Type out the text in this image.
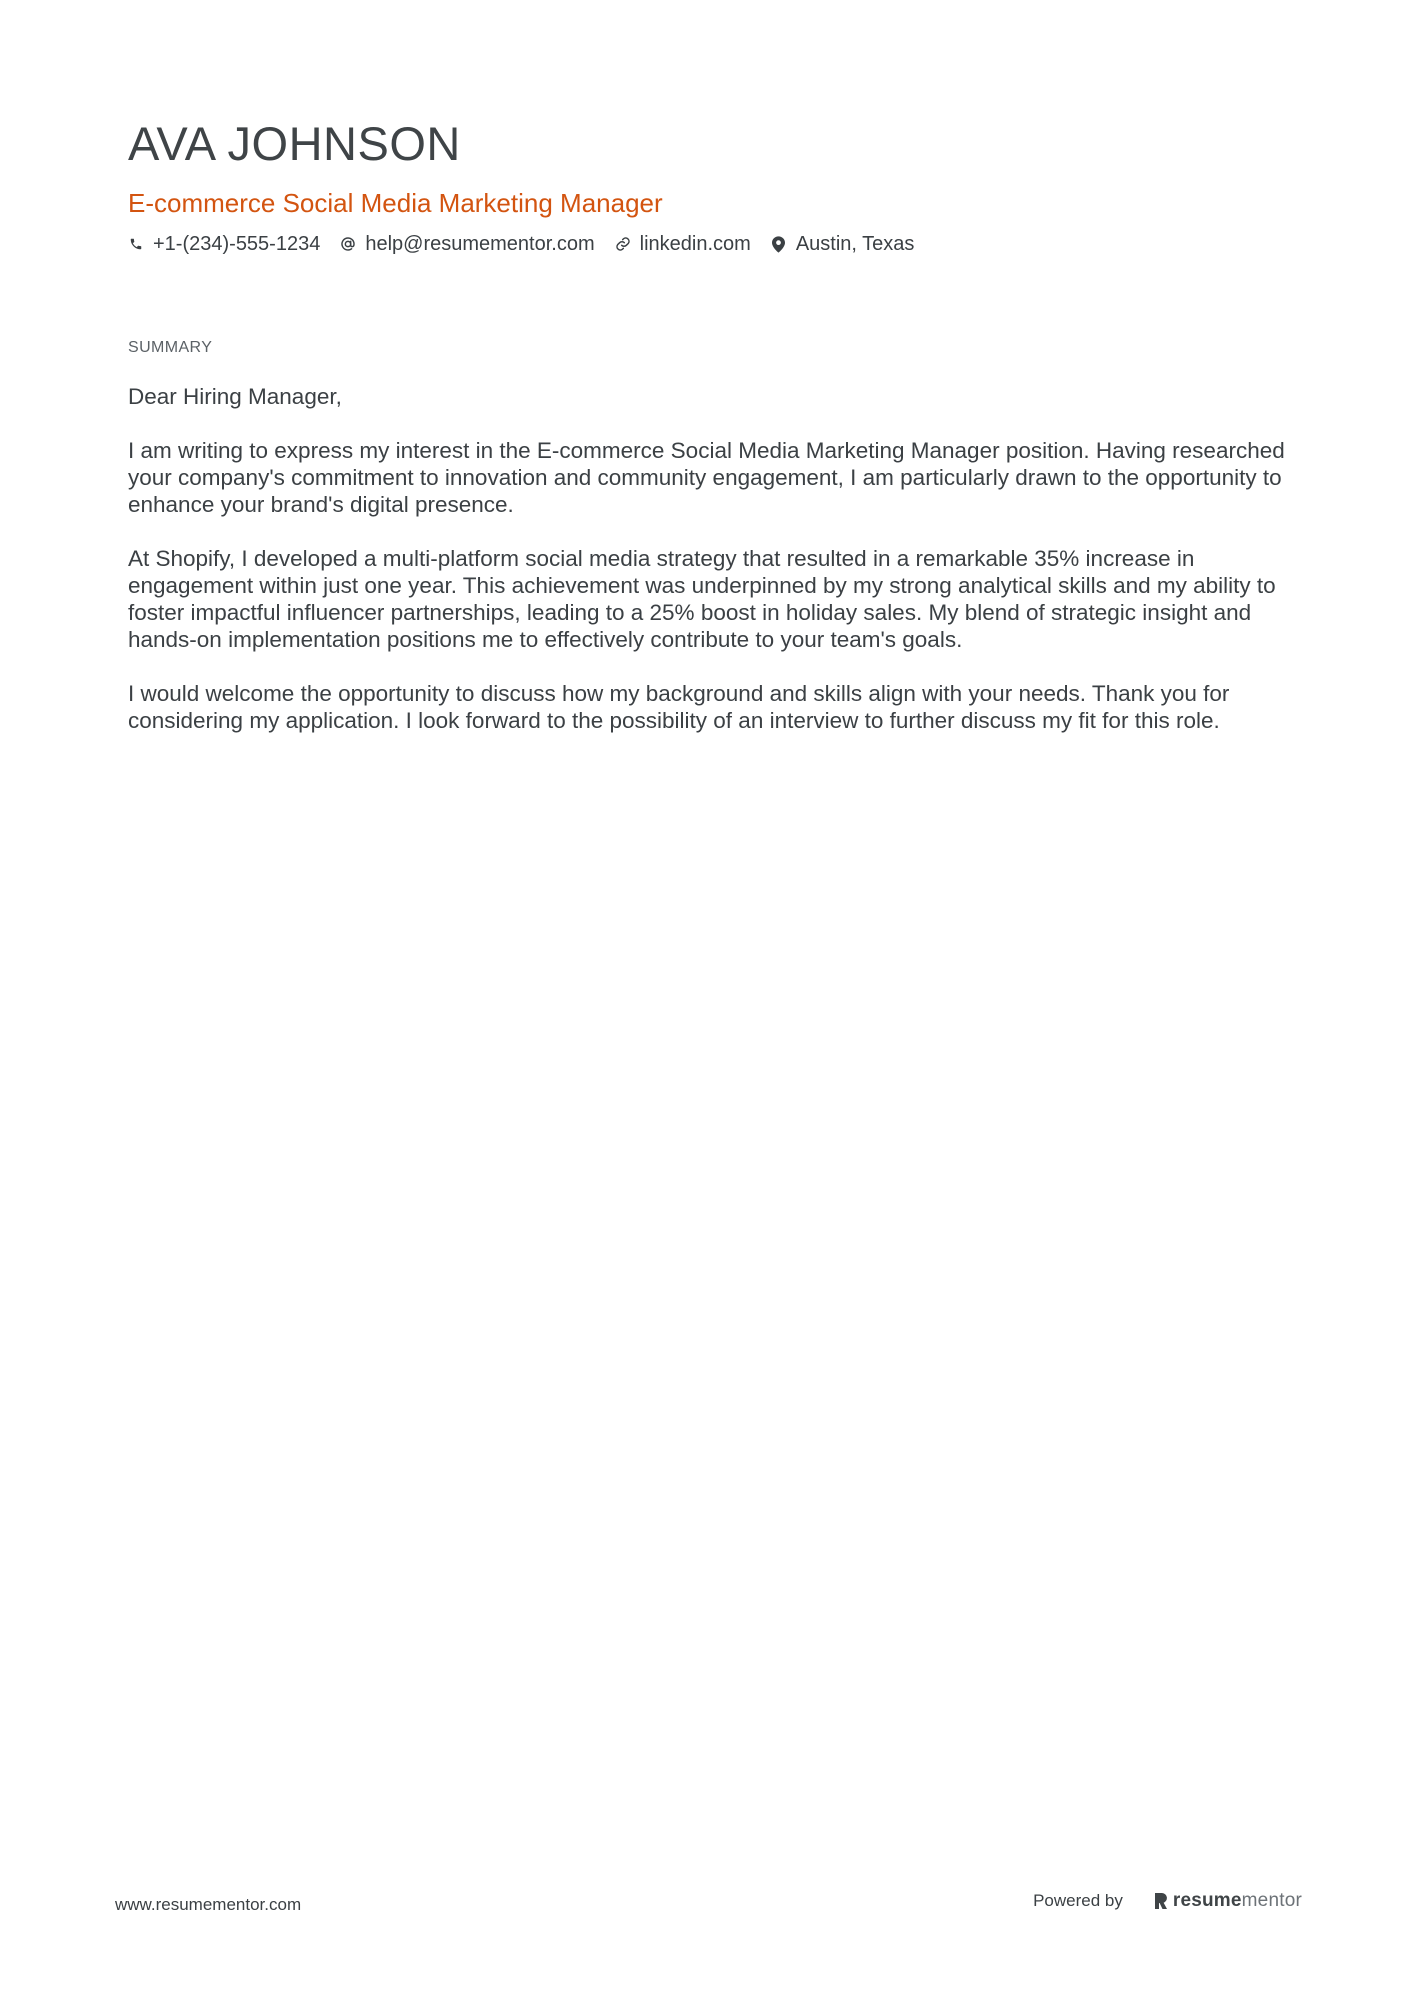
AVA JOHNSON
E-commerce Social Media Marketing Manager
+1-(234)-555-1234 help@resumementor.com linkedin.com Austin, Texas
SUMMARY

Dear Hiring Manager,

I am writing to express my interest in the E-commerce Social Media Marketing Manager position. Having researched your company's commitment to innovation and community engagement, I am particularly drawn to the opportunity to enhance your brand's digital presence.

At Shopify, I developed a multi-platform social media strategy that resulted in a remarkable 35% increase in engagement within just one year. This achievement was underpinned by my strong analytical skills and my ability to foster impactful influencer partnerships, leading to a 25% boost in holiday sales. My blend of strategic insight and hands-on implementation positions me to effectively contribute to your team's goals.

I would welcome the opportunity to discuss how my background and skills align with your needs. Thank you for considering my application. I look forward to the possibility of an interview to further discuss my fit for this role.

www.resumementor.com	Powered by	resume mentor
